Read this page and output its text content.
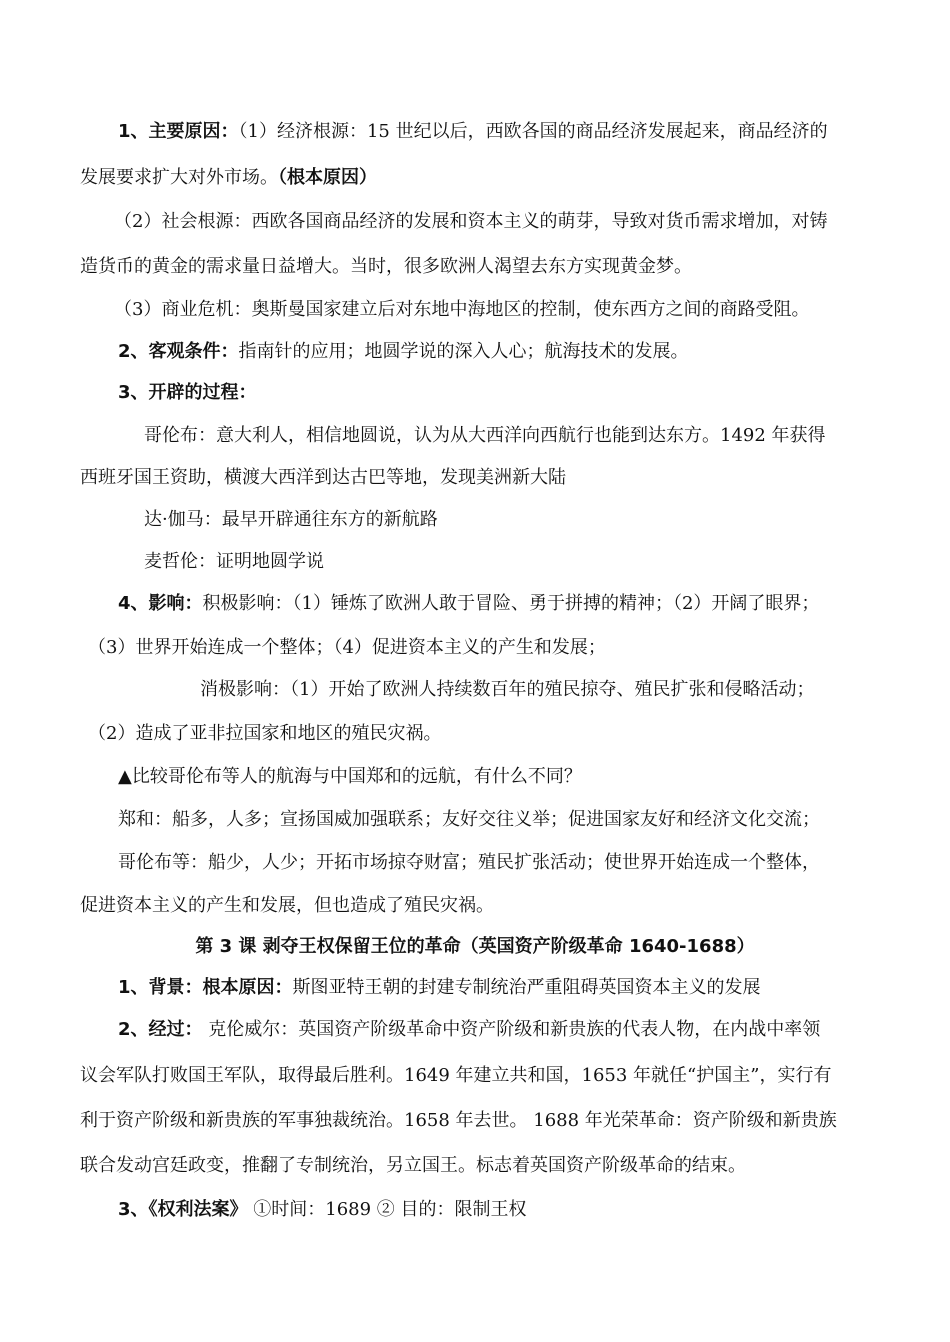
1、主要原因：（1）经济根源：15 世纪以后，西欧各国的商品经济发展起来，商品经济的
发展要求扩大对外市场。（根本原因）
（2）社会根源：西欧各国商品经济的发展和资本主义的萌芽，导致对货币需求增加，对铸
造货币的黄金的需求量日益增大。当时，很多欧洲人渴望去东方实现黄金梦。
（3）商业危机：奥斯曼国家建立后对东地中海地区的控制，使东西方之间的商路受阻。
2、客观条件：指南针的应用；地圆学说的深入人心；航海技术的发展。
3、开辟的过程：
哥伦布：意大利人，相信地圆说，认为从大西洋向西航行也能到达东方。1492 年获得
西班牙国王资助，横渡大西洋到达古巴等地，发现美洲新大陆
达·伽马：最早开辟通往东方的新航路
麦哲伦：证明地圆学说
4、影响：积极影响：（1）锤炼了欧洲人敢于冒险、勇于拼搏的精神；（2）开阔了眼界；
（3）世界开始连成一个整体；（4）促进资本主义的产生和发展；
消极影响：（1）开始了欧洲人持续数百年的殖民掠夺、殖民扩张和侵略活动；
（2）造成了亚非拉国家和地区的殖民灾祸。
▲比较哥伦布等人的航海与中国郑和的远航，有什么不同？
郑和：船多，人多；宣扬国威加强联系；友好交往义举；促进国家友好和经济文化交流；
哥伦布等：船少，人少；开拓市场掠夺财富；殖民扩张活动；使世界开始连成一个整体，
促进资本主义的产生和发展，但也造成了殖民灾祸。
第 3 课 剥夺王权保留王位的革命（英国资产阶级革命 1640-1688）
1、背景：根本原因：斯图亚特王朝的封建专制统治严重阻碍英国资本主义的发展
2、经过： 克伦威尔：英国资产阶级革命中资产阶级和新贵族的代表人物，在内战中率领
议会军队打败国王军队，取得最后胜利。1649 年建立共和国，1653 年就任“护国主”，实行有
利于资产阶级和新贵族的军事独裁统治。1658 年去世。 1688 年光荣革命：资产阶级和新贵族
联合发动宫廷政变，推翻了专制统治，另立国王。标志着英国资产阶级革命的结束。
3、《权利法案》 ①时间：1689 ② 目的：限制王权
